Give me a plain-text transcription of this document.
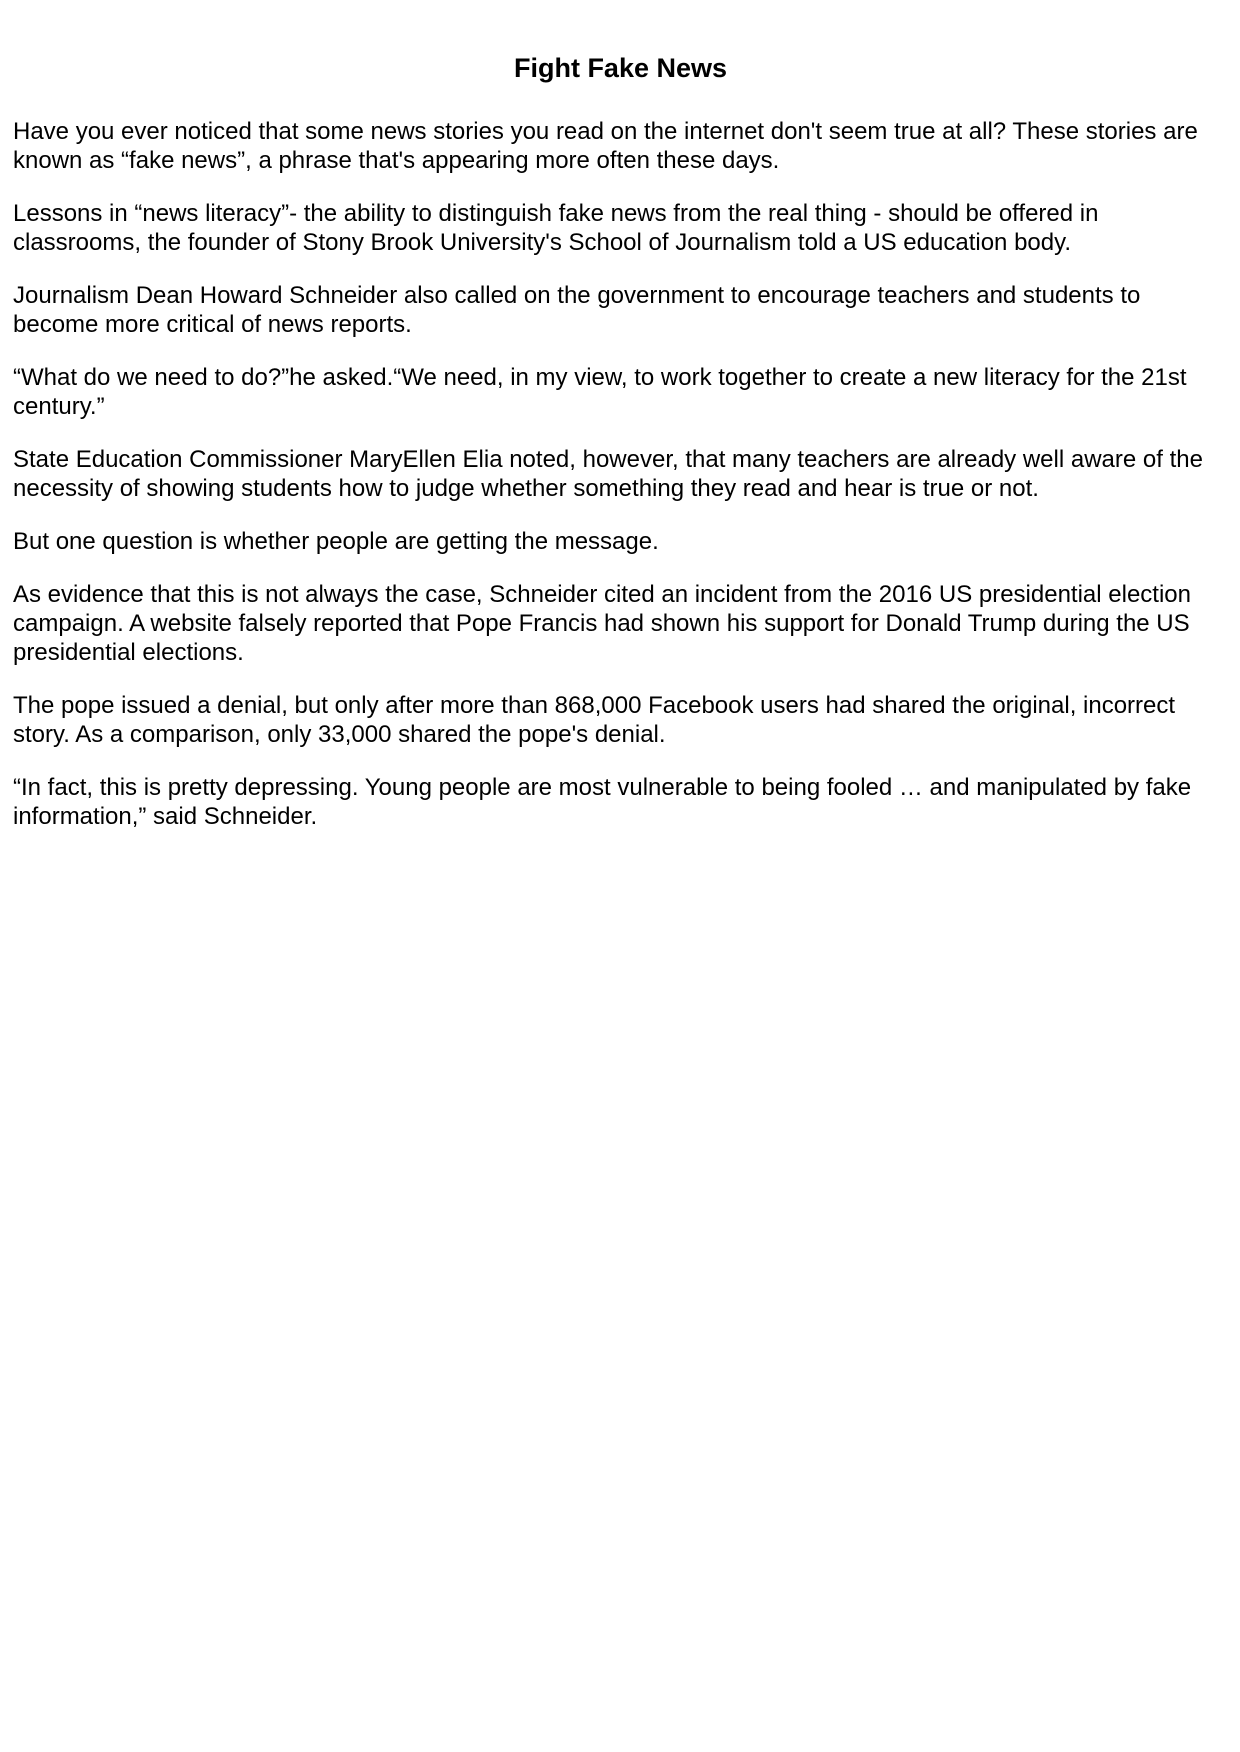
Fight Fake News

Have you ever noticed that some news stories you read on the internet don't seem true at all? These stories are known as “fake news”, a phrase that's appearing more often these days.

Lessons in “news literacy”- the ability to distinguish fake news from the real thing - should be offered in classrooms, the founder of Stony Brook University's School of Journalism told a US education body.

Journalism Dean Howard Schneider also called on the government to encourage teachers and students to become more critical of news reports.

“What do we need to do?”he asked.“We need, in my view, to work together to create a new literacy for the 21st century.”

State Education Commissioner MaryEllen Elia noted, however, that many teachers are already well aware of the necessity of showing students how to judge whether something they read and hear is true or not.

But one question is whether people are getting the message.

As evidence that this is not always the case, Schneider cited an incident from the 2016 US presidential election campaign. A website falsely reported that Pope Francis had shown his support for Donald Trump during the US presidential elections.

The pope issued a denial, but only after more than 868,000 Facebook users had shared the original, incorrect story. As a comparison, only 33,000 shared the pope's denial.

“In fact, this is pretty depressing. Young people are most vulnerable to being fooled … and manipulated by fake information,” said Schneider.
